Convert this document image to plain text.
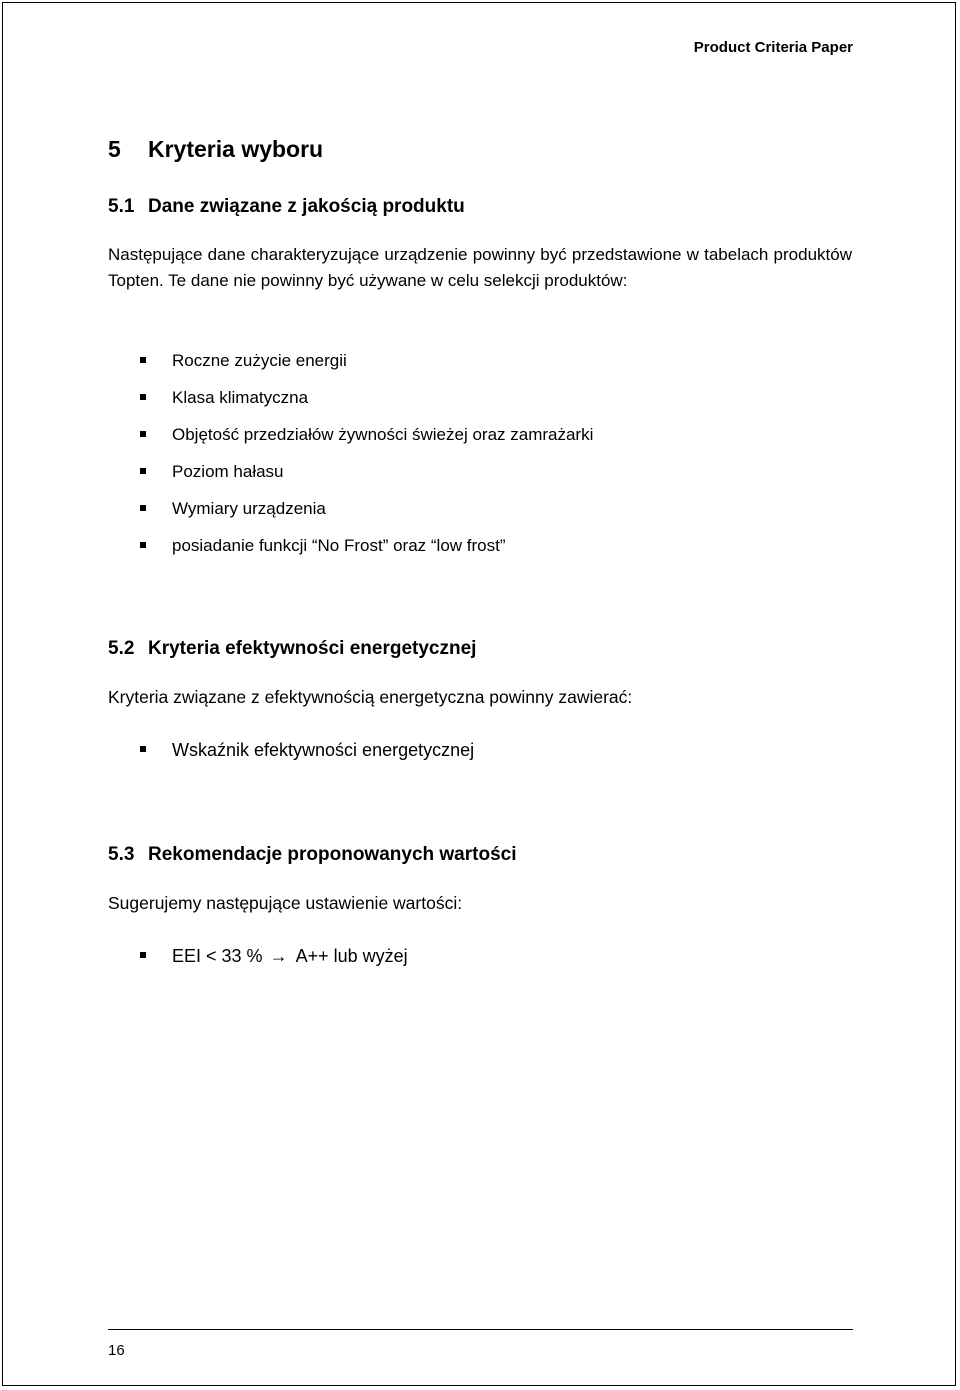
Product Criteria Paper
5 Kryteria wyboru
5.1 Dane związane z jakością produktu
Następujące dane charakteryzujące urządzenie powinny być przedstawione w tabelach produktów Topten. Te dane nie powinny być używane w celu selekcji produktów:
Roczne zużycie energii
Klasa klimatyczna
Objętość przedziałów żywności świeżej oraz zamrażarki
Poziom hałasu
Wymiary urządzenia
posiadanie funkcji “No Frost” oraz “low frost”
5.2 Kryteria efektywności energetycznej
Kryteria związane z efektywnością energetyczna powinny zawierać:
Wskaźnik efektywności energetycznej
5.3 Rekomendacje proponowanych wartości
Sugerujemy następujące ustawienie wartości:
EEI < 33 % → A++ lub wyżej
16
